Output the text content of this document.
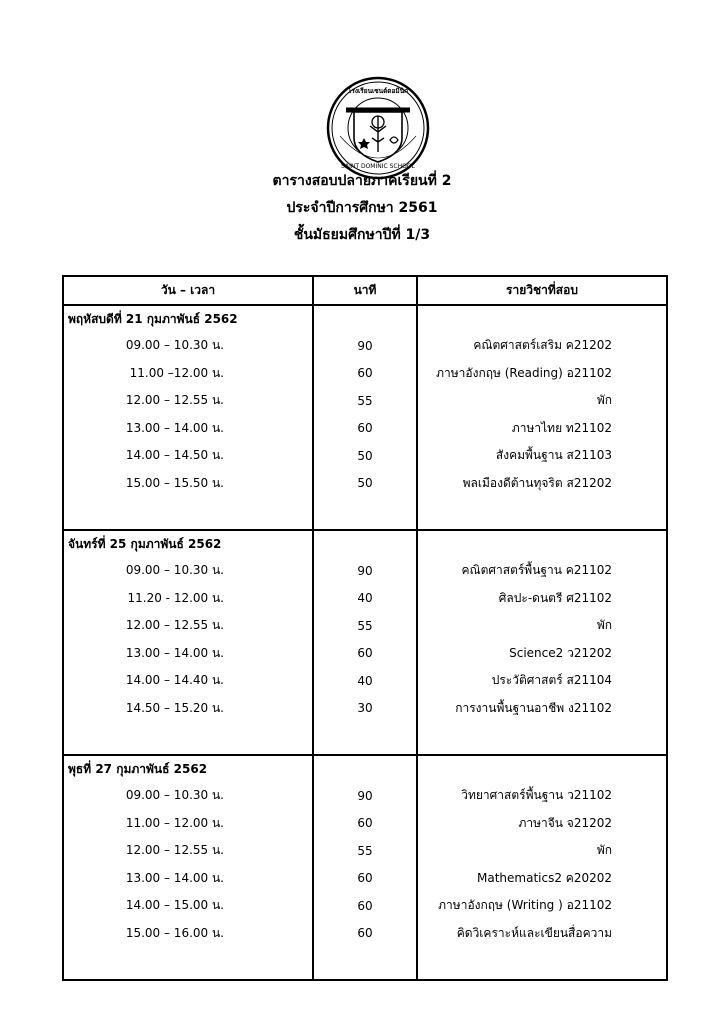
SAINT DOMINIC SCHOOL
โรงเรียนเซนต์ดอมินิก
ตารางสอบปลายภาคเรียนที่ 2
ประจำปีการศึกษา 2561
ชั้นมัธยมศึกษาปีที่ 1/3
วัน – เวลา	นาที	รายวิชาที่สอบ
พฤหัสบดีที่ 21 กุมภาพันธ์ 2562		
09.00 – 10.30 น.	90	คณิตศาสตร์เสริม ค21202
11.00 –12.00 น.	60	ภาษาอังกฤษ (Reading) อ21102
12.00 – 12.55 น.	55	พัก
13.00 – 14.00 น.	60	ภาษาไทย ท21102
14.00 – 14.50 น.	50	สังคมพื้นฐาน ส21103
15.00 – 15.50 น.	50	พลเมืองดีต้านทุจริต ส21202

จันทร์ที่ 25 กุมภาพันธ์ 2562		
09.00 – 10.30 น.	90	คณิตศาสตร์พื้นฐาน ค21102
11.20 - 12.00 น.	40	ศิลปะ-ดนตรี ศ21102
12.00 – 12.55 น.	55	พัก
13.00 – 14.00 น.	60	Science2 ว21202
14.00 – 14.40 น.	40	ประวัติศาสตร์ ส21104
14.50 – 15.20 น.	30	การงานพื้นฐานอาชีพ ง21102

พุธที่ 27 กุมภาพันธ์ 2562		
09.00 – 10.30 น.	90	วิทยาศาสตร์พื้นฐาน ว21102
11.00 – 12.00 น.	60	ภาษาจีน จ21202
12.00 – 12.55 น.	55	พัก
13.00 – 14.00 น.	60	Mathematics2 ค20202
14.00 – 15.00 น.	60	ภาษาอังกฤษ (Writing ) อ21102
15.00 – 16.00 น.	60	คิดวิเคราะห์และเขียนสื่อความ
